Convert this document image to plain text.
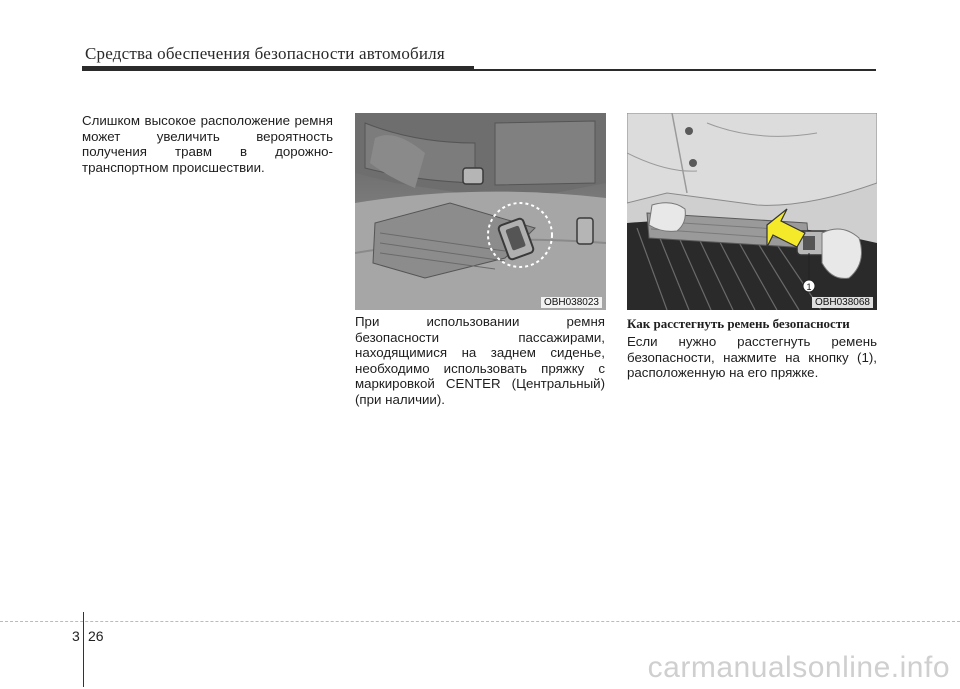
Средства обеспечения безопасности автомобиля

Слишком высокое расположение ремня может увеличить вероятность получения травм в дорожно-транспортном происшествии.

OBH038023

При использовании ремня безопасности пассажирами, находящимися на заднем сиденье, необходимо использовать пряжку с маркировкой CENTER (Центральный) (при наличии).

1
OBH038068
Как расстегнуть ремень безопасности

Если нужно расстегнуть ремень безопасности, нажмите на кнопку (1), расположенную на его пряжке.

3 26
carmanualsonline.info
